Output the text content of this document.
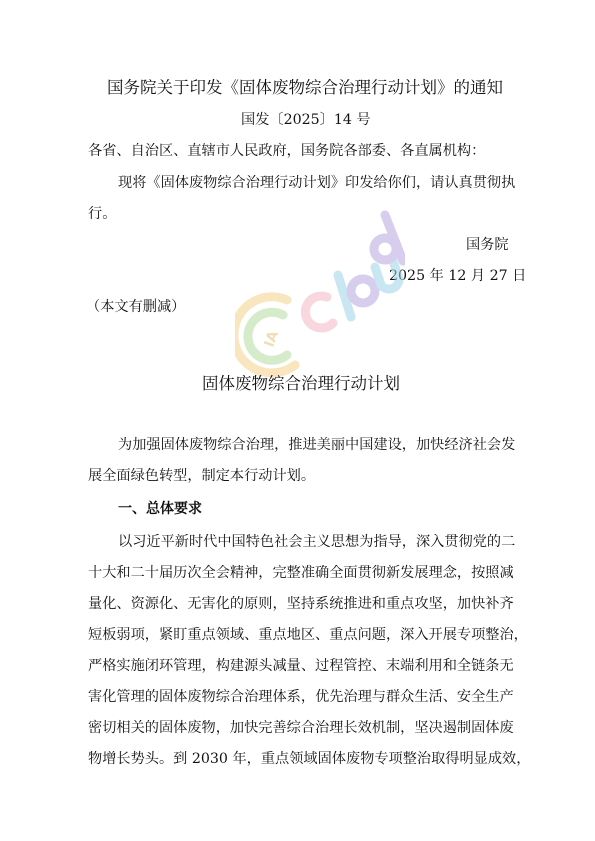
国务院关于印发《固体废物综合治理行动计划》的通知
国发〔2025〕14 号
各省、自治区、直辖市人民政府，国务院各部委、各直属机构：
现将《固体废物综合治理行动计划》印发给你们，请认真贯彻执
行。
国务院
2025 年 12 月 27 日
（本文有删减）
IA
固体废物综合治理行动计划
为加强固体废物综合治理，推进美丽中国建设，加快经济社会发
展全面绿色转型，制定本行动计划。
一、总体要求
以习近平新时代中国特色社会主义思想为指导，深入贯彻党的二
十大和二十届历次全会精神，完整准确全面贯彻新发展理念，按照减
量化、资源化、无害化的原则，坚持系统推进和重点攻坚，加快补齐
短板弱项，紧盯重点领域、重点地区、重点问题，深入开展专项整治，
严格实施闭环管理，构建源头减量、过程管控、末端利用和全链条无
害化管理的固体废物综合治理体系，优先治理与群众生活、安全生产
密切相关的固体废物，加快完善综合治理长效机制，坚决遏制固体废
物增长势头。到 2030 年，重点领域固体废物专项整治取得明显成效，
